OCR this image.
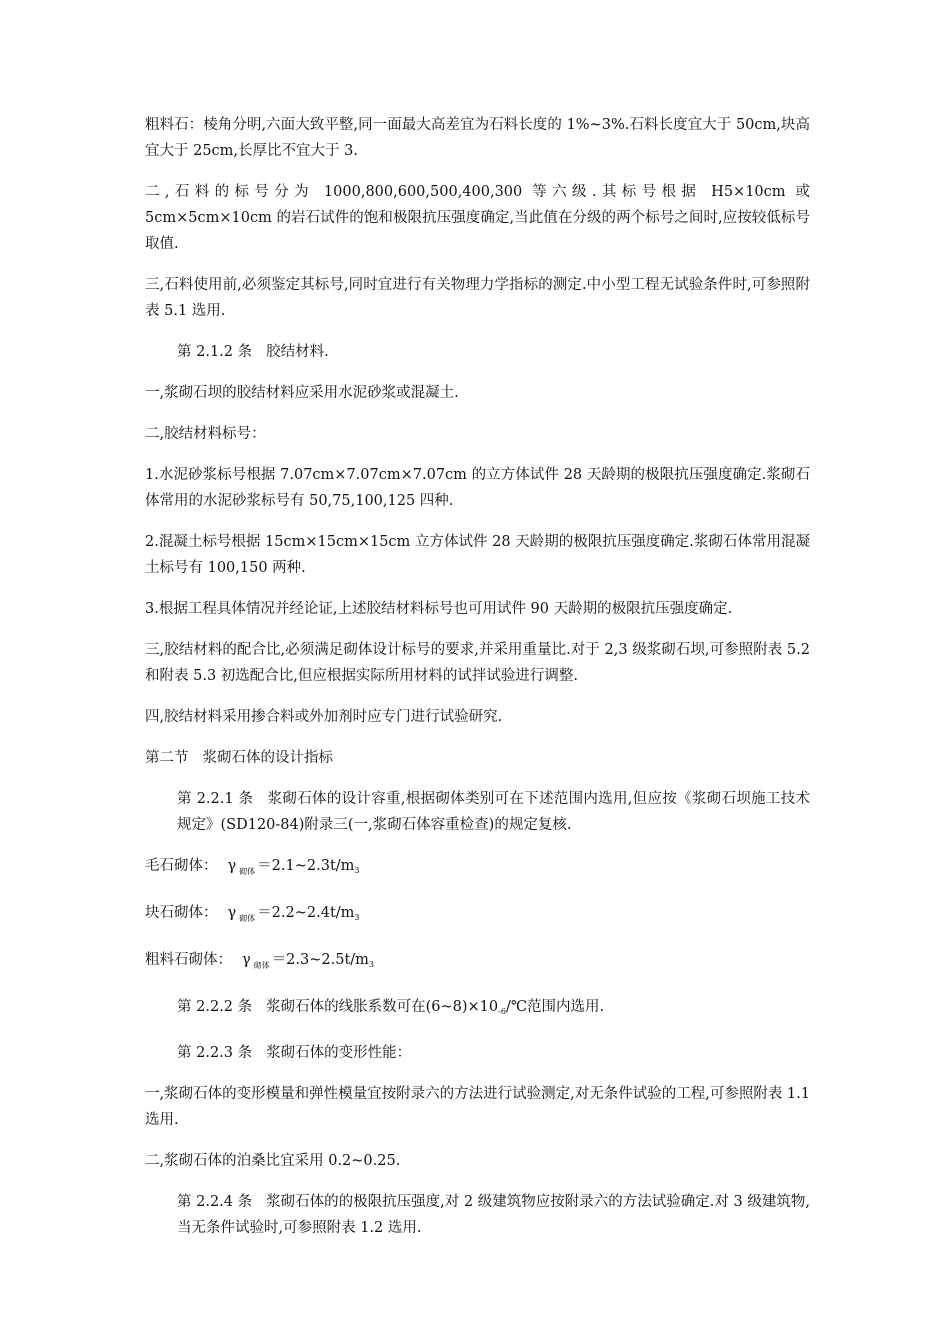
粗料石：棱角分明,六面大致平整,同一面最大高差宜为石料长度的 1%~3%.石料长度宜大于 50cm,块高宜大于 25cm,长厚比不宜大于 3.

二,石料的标号分为 1000,800,600,500,400,300 等六级.其标号根据 H5×10cm 或 5cm×5cm×10cm 的岩石试件的饱和极限抗压强度确定,当此值在分级的两个标号之间时,应按较低标号取值.

三,石料使用前,必须鉴定其标号,同时宜进行有关物理力学指标的测定.中小型工程无试验条件时,可参照附表 5.1 选用.

第 2.1.2 条 胶结材料.

一,浆砌石坝的胶结材料应采用水泥砂浆或混凝土.

二,胶结材料标号：

1.水泥砂浆标号根据 7.07cm×7.07cm×7.07cm 的立方体试件 28 天龄期的极限抗压强度确定.浆砌石体常用的水泥砂浆标号有 50,75,100,125 四种.

2.混凝土标号根据 15cm×15cm×15cm 立方体试件 28 天龄期的极限抗压强度确定.浆砌石体常用混凝土标号有 100,150 两种.

3.根据工程具体情况并经论证,上述胶结材料标号也可用试件 90 天龄期的极限抗压强度确定.

三,胶结材料的配合比,必须满足砌体设计标号的要求,并采用重量比.对于 2,3 级浆砌石坝,可参照附表 5.2 和附表 5.3 初选配合比,但应根据实际所用材料的试拌试验进行调整.

四,胶结材料采用掺合料或外加剂时应专门进行试验研究.

第二节 浆砌石体的设计指标

第 2.2.1 条 浆砌石体的设计容重,根据砌体类别可在下述范围内选用,但应按《浆砌石坝施工技术规定》(SD120-84)附录三(一,浆砌石体容重检查)的规定复核.

毛石砌体： γ $_{砌体} =2.1\sim 2.3t/m_3$

块石砌体： γ $_{砌体} =2.2\sim 2.4t/m_3$

粗料石砌体： γ $_{砌体} =2.3\sim 2.5t/m_3$

第 2.2.2 条 浆砌石体的线胀系数可在$(6\sim 8)\times 10_{-6}/℃$范围内选用.

第 2.2.3 条 浆砌石体的变形性能：

一,浆砌石体的变形模量和弹性模量宜按附录六的方法进行试验测定,对无条件试验的工程,可参照附表 1.1 选用.

二,浆砌石体的泊桑比宜采用 0.2~0.25.

第 2.2.4 条 浆砌石体的的极限抗压强度,对 2 级建筑物应按附录六的方法试验确定.对 3 级建筑物,当无条件试验时,可参照附表 1.2 选用.
